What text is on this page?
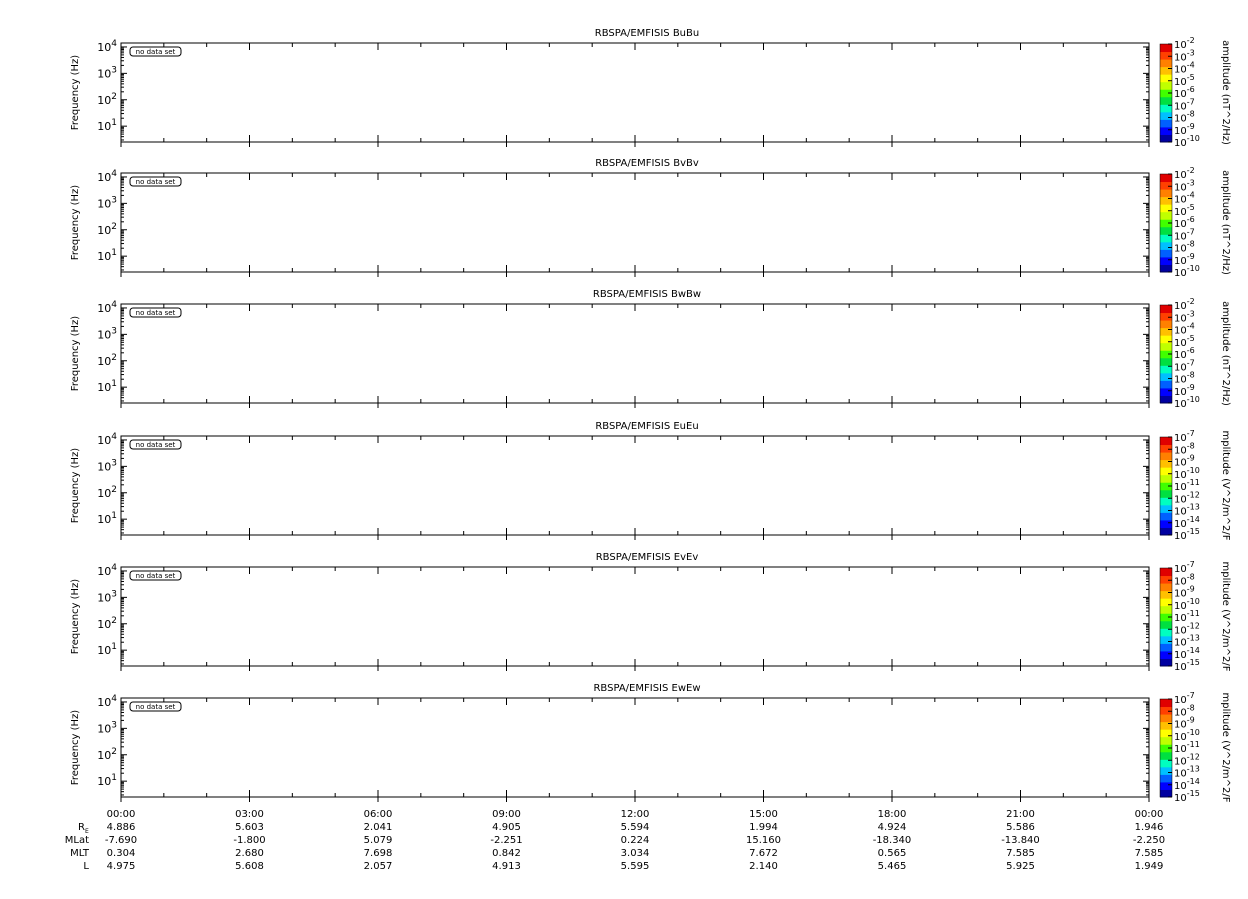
RBSPA/EMFISIS BuBu
no data set
$10^1$
$10^2$
$10^3$
$10^4$
Frequency (Hz)
$10^{-10}$
$10^{-9}$
$10^{-8}$
$10^{-7}$
$10^{-6}$
$10^{-5}$
$10^{-4}$
$10^{-3}$
$10^{-2}$	amplitude (nT^2/Hz)
RBSPA/EMFISIS BvBv
no data set
$10^1$
$10^2$
$10^3$
$10^4$
Frequency (Hz)
$10^{-10}$
$10^{-9}$
$10^{-8}$
$10^{-7}$
$10^{-6}$
$10^{-5}$
$10^{-4}$
$10^{-3}$
$10^{-2}$	amplitude (nT^2/Hz)
RBSPA/EMFISIS BwBw
no data set
$10^1$
$10^2$
$10^3$
$10^4$
Frequency (Hz)
$10^{-10}$
$10^{-9}$
$10^{-8}$
$10^{-7}$
$10^{-6}$
$10^{-5}$
$10^{-4}$
$10^{-3}$
$10^{-2}$	amplitude (nT^2/Hz)
RBSPA/EMFISIS EuEu
no data set
$10^1$
$10^2$
$10^3$
$10^4$
Frequency (Hz)
$10^{-15}$
$10^{-14}$
$10^{-13}$
$10^{-12}$
$10^{-11}$
$10^{-10}$
$10^{-9}$
$10^{-8}$
$10^{-7}$	mplitude (V^2/m^2/F
RBSPA/EMFISIS EvEv
no data set
$10^1$
$10^2$
$10^3$
$10^4$
Frequency (Hz)
$10^{-15}$
$10^{-14}$
$10^{-13}$
$10^{-12}$
$10^{-11}$
$10^{-10}$
$10^{-9}$
$10^{-8}$
$10^{-7}$	mplitude (V^2/m^2/F
RBSPA/EMFISIS EwEw
no data set
$10^1$
$10^2$
$10^3$
$10^4$
Frequency (Hz)
$10^{-15}$
$10^{-14}$
$10^{-13}$
$10^{-12}$
$10^{-11}$
$10^{-10}$
$10^{-9}$
$10^{-8}$
$10^{-7}$	mplitude (V^2/m^2/F
00:00	03:00	06:00	09:00	12:00	15:00	18:00	21:00	00:00
R E 4.886	5.603	2.041	4.905	5.594	1.994	4.924	5.586	1.946
MLat -7.690	-1.800	5.079	-2.251	0.224	15.160	-18.340	-13.840	-2.250
MLT 0.304	2.680	7.698	0.842	3.034	7.672	0.565	7.585	7.585
L 4.975	5.608	2.057	4.913	5.595	2.140	5.465	5.925	1.949
